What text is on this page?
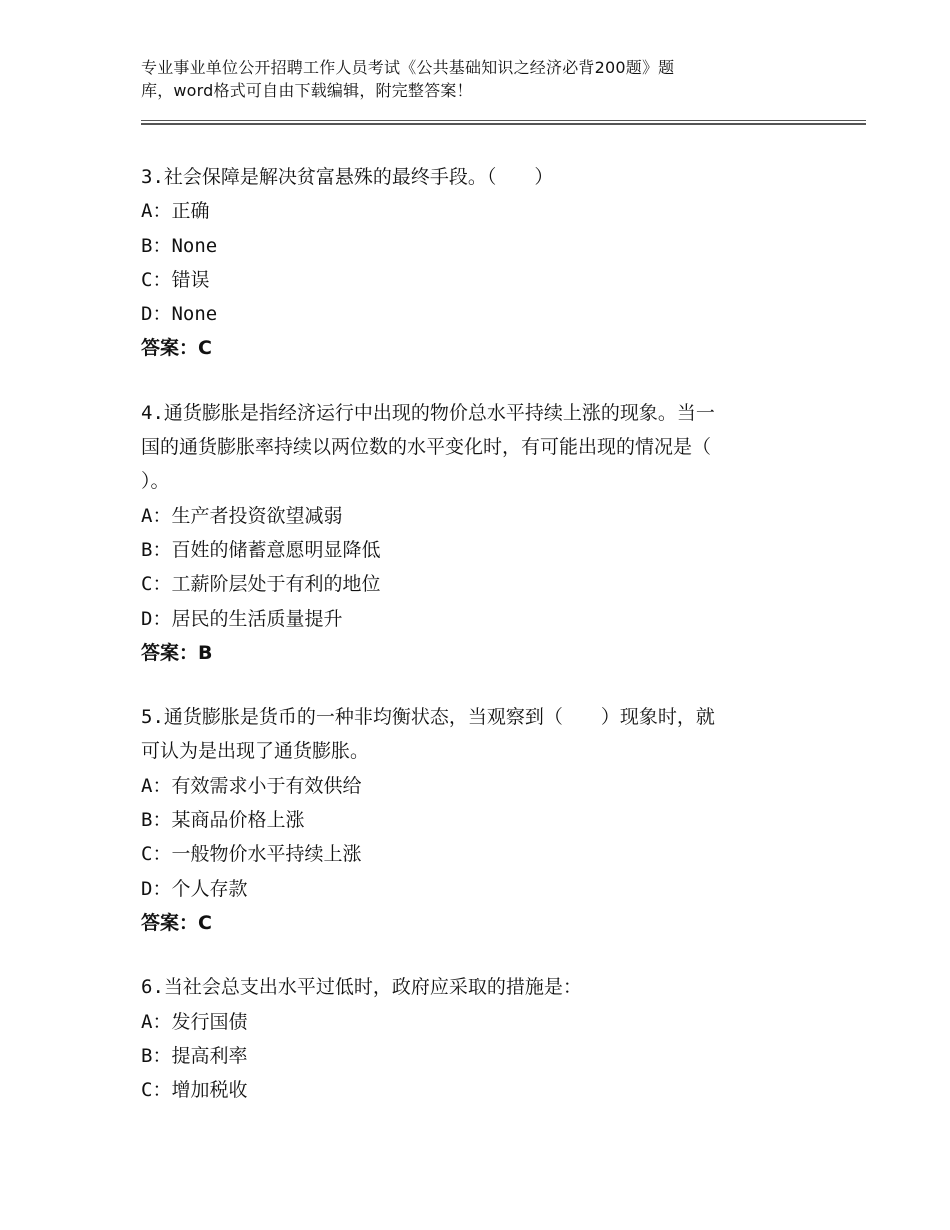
专业事业单位公开招聘工作人员考试《公共基础知识之经济必背200题》题
库，word格式可自由下载编辑，附完整答案！
3.社会保障是解决贫富悬殊的最终手段。（　　）
A：正确
B：None
C：错误
D：None
答案：C
4.通货膨胀是指经济运行中出现的物价总水平持续上涨的现象。当一
国的通货膨胀率持续以两位数的水平变化时，有可能出现的情况是（
）。
A：生产者投资欲望减弱
B：百姓的储蓄意愿明显降低
C：工薪阶层处于有利的地位
D：居民的生活质量提升
答案：B
5.通货膨胀是货币的一种非均衡状态，当观察到（　　）现象时，就
可认为是出现了通货膨胀。
A：有效需求小于有效供给
B：某商品价格上涨
C：一般物价水平持续上涨
D：个人存款
答案：C
6.当社会总支出水平过低时，政府应采取的措施是：
A：发行国债
B：提高利率
C：增加税收
